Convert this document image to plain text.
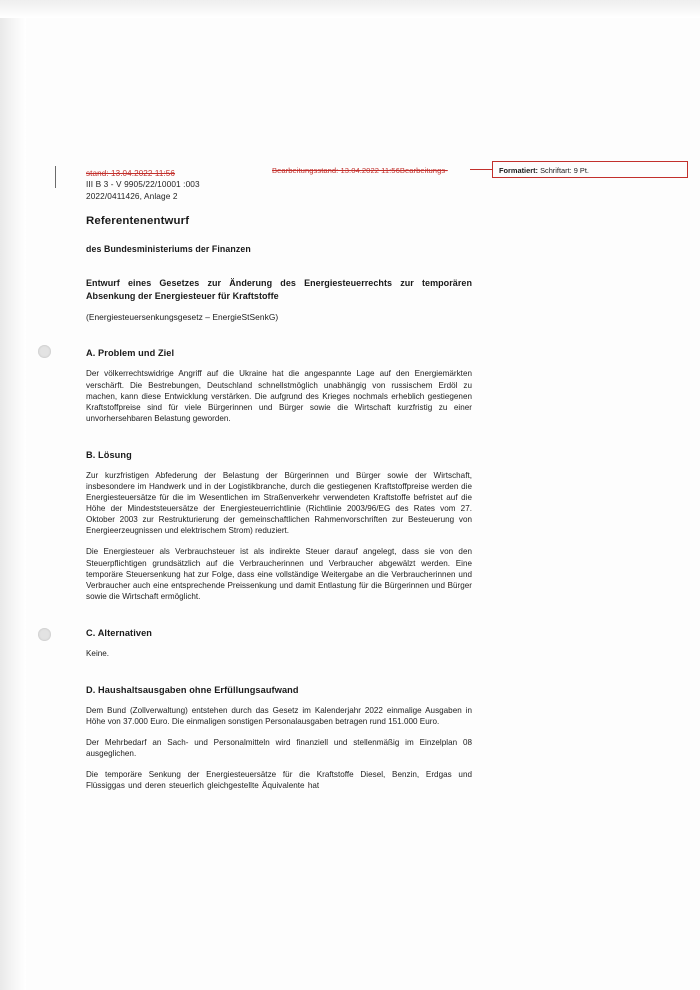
Bearbeitungsstand: 13.04.2022 11:56Bearbeitungs-	Formatiert: Schriftart: 9 Pt.
stand: 13.04.2022 11:56
III B 3 - V 9905/22/10001 :003
2022/0411426, Anlage 2
Referentenentwurf
des Bundesministeriums der Finanzen
Entwurf eines Gesetzes zur Änderung des Energiesteuerrechts zur temporären Absenkung der Energiesteuer für Kraftstoffe

(Energiesteuersenkungsgesetz – EnergieStSenkG)

A. Problem und Ziel

Der völkerrechtswidrige Angriff auf die Ukraine hat die angespannte Lage auf den Energiemärkten verschärft. Die Bestrebungen, Deutschland schnellstmöglich unabhängig von russischem Erdöl zu machen, kann diese Entwicklung verstärken. Die aufgrund des Krieges nochmals erheblich gestiegenen Kraftstoffpreise sind für viele Bürgerinnen und Bürger sowie die Wirtschaft kurzfristig zu einer unvorhersehbaren Belastung geworden.

B. Lösung

Zur kurzfristigen Abfederung der Belastung der Bürgerinnen und Bürger sowie der Wirtschaft, insbesondere im Handwerk und in der Logistikbranche, durch die gestiegenen Kraftstoffpreise werden die Energiesteuersätze für die im Wesentlichen im Straßenverkehr verwendeten Kraftstoffe befristet auf die Höhe der Mindeststeuersätze der Energiesteuerrichtlinie (Richtlinie 2003/96/EG des Rates vom 27. Oktober 2003 zur Restrukturierung der gemeinschaftlichen Rahmenvorschriften zur Besteuerung von Energieerzeugnissen und elektrischem Strom) reduziert.

Die Energiesteuer als Verbrauchsteuer ist als indirekte Steuer darauf angelegt, dass sie von den Steuerpflichtigen grundsätzlich auf die Verbraucherinnen und Verbraucher abgewälzt werden. Eine temporäre Steuersenkung hat zur Folge, dass eine vollständige Weitergabe an die Verbraucherinnen und Verbraucher auch eine entsprechende Preissenkung und damit Entlastung für die Bürgerinnen und Bürger sowie die Wirtschaft ermöglicht.

C. Alternativen

Keine.

D. Haushaltsausgaben ohne Erfüllungsaufwand

Dem Bund (Zollverwaltung) entstehen durch das Gesetz im Kalenderjahr 2022 einmalige Ausgaben in Höhe von 37.000 Euro. Die einmaligen sonstigen Personalausgaben betragen rund 151.000 Euro.

Der Mehrbedarf an Sach- und Personalmitteln wird finanziell und stellenmäßig im Einzelplan 08 ausgeglichen.

Die temporäre Senkung der Energiesteuersätze für die Kraftstoffe Diesel, Benzin, Erdgas und Flüssiggas und deren steuerlich gleichgestellte Äquivalente hat
